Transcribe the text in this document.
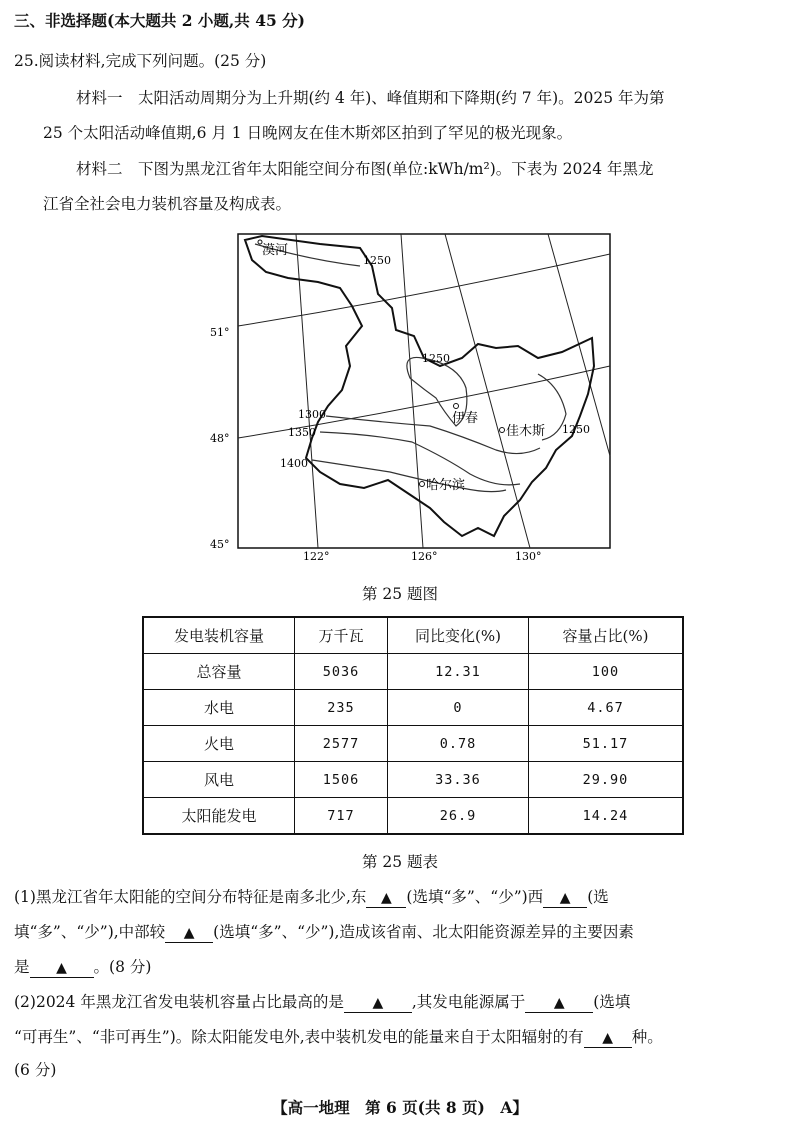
三、非选择题(本大题共 2 小题,共 45 分)
25.阅读材料,完成下列问题。(25 分)
材料一　太阳活动周期分为上升期(约 4 年)、峰值期和下降期(约 7 年)。2025 年为第
25 个太阳活动峰值期,6 月 1 日晚网友在佳木斯郊区拍到了罕见的极光现象。
材料二　下图为黑龙江省年太阳能空间分布图(单位:kWh/m²)。下表为 2024 年黑龙
江省全社会电力装机容量及构成表。
漠河
伊春
佳木斯
哈尔滨
1250
1250
1300
1350
1400
1250
51°
48°
45°
122°	126°	130°
第 25 题图
发电装机容量	万千瓦	同比变化(%)	容量占比(%)
总容量	5036	12.31	100
水电	235	0	4.67
火电	2577	0.78	51.17
风电	1506	33.36	29.90
太阳能发电	717	26.9	14.24
第 25 题表
(1)黑龙江省年太阳能的空间分布特征是南多北少,东 ▲ (选填“多”、“少”)西 ▲ (选
填“多”、“少”),中部较 ▲ (选填“多”、“少”),造成该省南、北太阳能资源差异的主要因素
是 ▲ 。(8 分)
(2)2024 年黑龙江省发电装机容量占比最高的是 ▲ ,其发电能源属于 ▲ (选填
“可再生”、“非可再生”)。除太阳能发电外,表中装机发电的能量来自于太阳辐射的有 ▲ 种。
(6 分)
【高一地理　第 6 页(共 8 页)　A】
